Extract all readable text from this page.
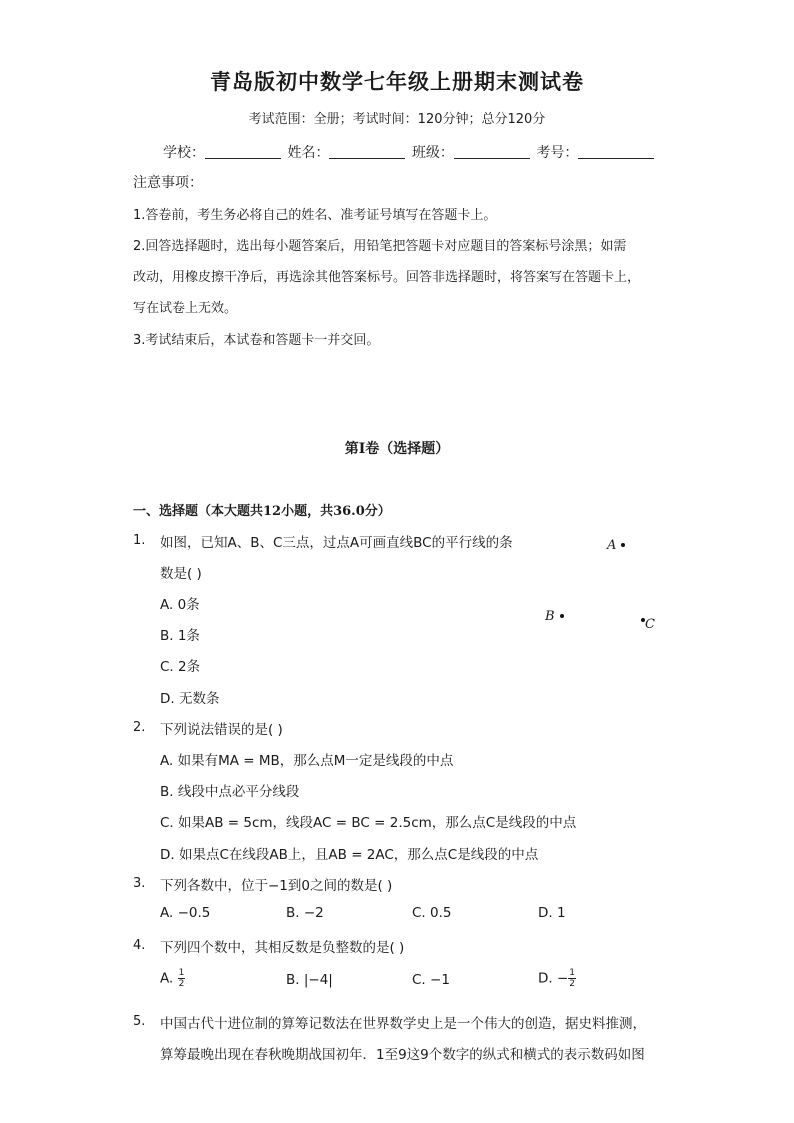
青岛版初中数学七年级上册期末测试卷
考试范围：全册；考试时间：120分钟；总分120分
学校：	姓名：	班级：	考号：
注意事项：
1.答卷前，考生务必将自己的姓名、准考证号填写在答题卡上。
2.回答选择题时，选出每小题答案后，用铅笔把答题卡对应题目的答案标号涂黑；如需
改动，用橡皮擦干净后，再选涂其他答案标号。回答非选择题时，将答案写在答题卡上，
写在试卷上无效。
3.考试结束后，本试卷和答题卡一并交回。
第Ⅰ卷（选择题）
一、选择题（本大题共12小题，共36.0分）
1. 如图，已知A、B、C三点，过点A可画直线BC的平行线的条
数是( )
A. 0条
B. 1条
C. 2条
D. 无数条
A
B
C
2. 下列说法错误的是( )
A. 如果有MA = MB，那么点M一定是线段的中点
B. 线段中点必平分线段
C. 如果AB = 5cm，线段AC = BC = 2.5cm，那么点C是线段的中点
D. 如果点C在线段AB上，且AB = 2AC，那么点C是线段的中点
3. 下列各数中，位于−1到0之间的数是( )
A. −0.5	B. −2	C. 0.5	D. 1
4. 下列四个数中，其相反数是负整数的是( )
A. $\frac{1}{2}$	B. |−4|	C. −1	D. − $\frac{1}{2}$
5. 中国古代十进位制的算筹记数法在世界数学史上是一个伟大的创造，据史料推测，
算筹最晚出现在春秋晚期战国初年．1至9这9个数字的纵式和横式的表示数码如图
